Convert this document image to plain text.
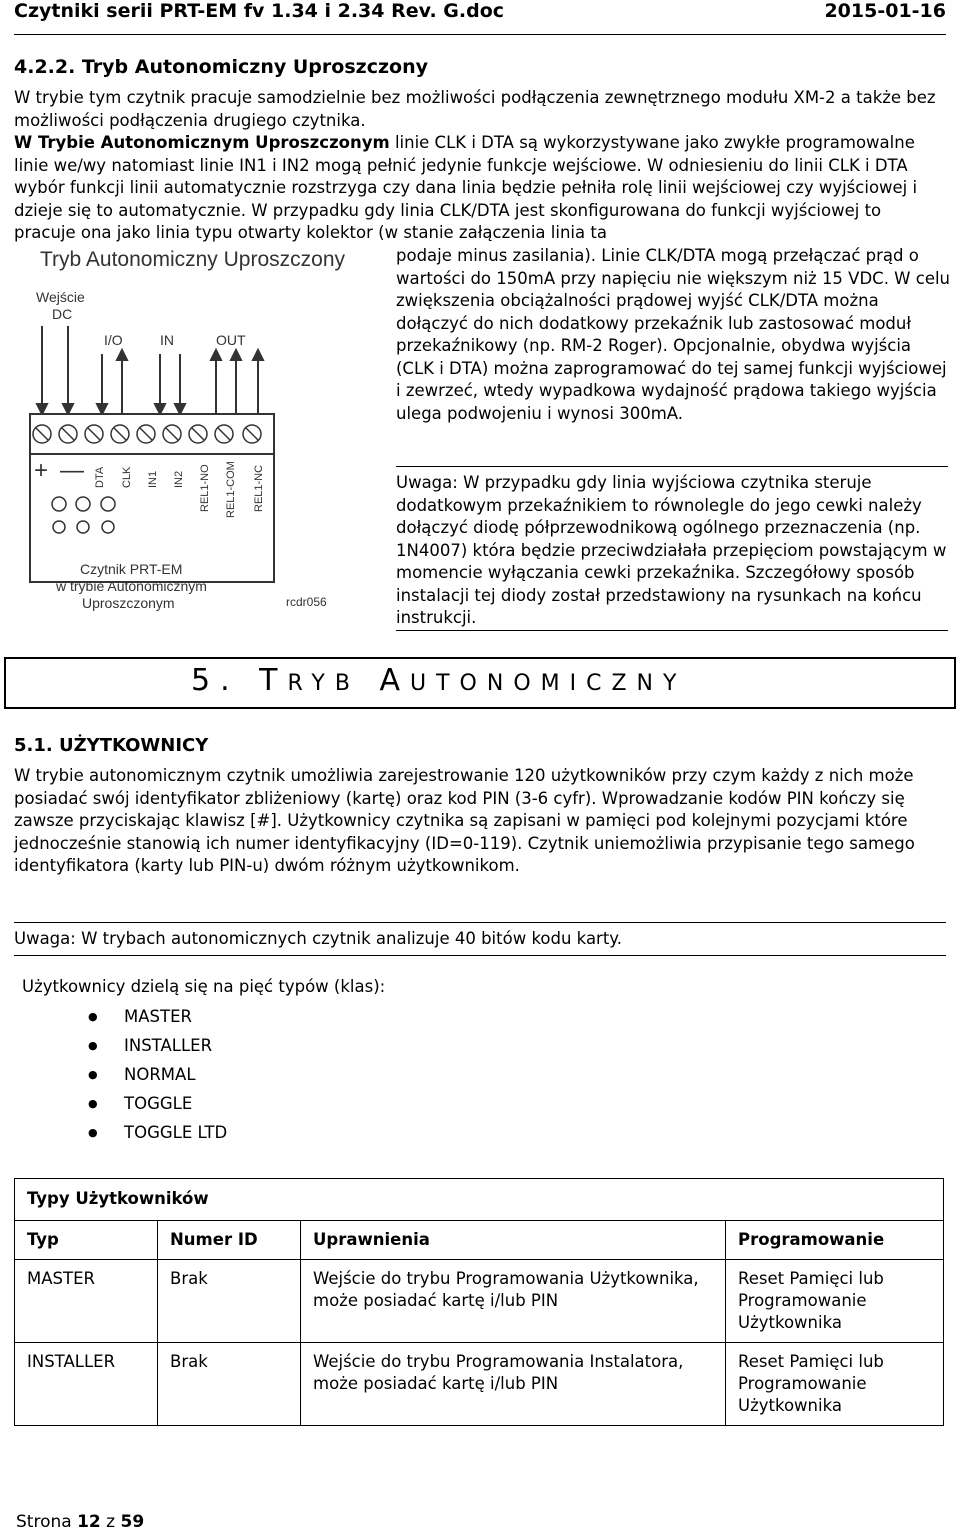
Czytniki serii PRT-EM fv 1.34 i 2.34 Rev. G.doc	2015-01-16
4.2.2. Tryb Autonomiczny Uproszczony

W trybie tym czytnik pracuje samodzielnie bez możliwości podłączenia zewnętrznego modułu XM-2 a także bez możliwości podłączenia drugiego czytnika.

W Trybie Autonomicznym Uproszczonym linie CLK i DTA są wykorzystywane jako zwykłe programowalne linie we/wy natomiast linie IN1 i IN2 mogą pełnić jedynie funkcje wejściowe. W odniesieniu do linii CLK i DTA wybór funkcji linii automatycznie rozstrzyga czy dana linia będzie pełniła rolę linii wejściowej czy wyjściowej i dzieje się to automatycznie. W przypadku gdy linia CLK/DTA jest skonfigurowana do funkcji wyjściowej to pracuje ona jako linia typu otwarty kolektor (w stanie załączenia linia ta

Tryb Autonomiczny Uproszczony
Wejście
DC
I/O	IN	OUT
+ — DTA CLK IN1 IN2 REL1-NO REL1-COM REL1-NC
Czytnik PRT-EM
w trybie Autonomicznym
Uproszczonym	rcdr056

podaje minus zasilania). Linie CLK/DTA mogą przełączać prąd o wartości do 150mA przy napięciu nie większym niż 15 VDC. W celu zwiększenia obciążalności prądowej wyjść CLK/DTA można dołączyć do nich dodatkowy przekaźnik lub zastosować moduł przekaźnikowy (np. RM-2 Roger). Opcjonalnie, obydwa wyjścia (CLK i DTA) można zaprogramować do tej samej funkcji wyjściowej i zewrzeć, wtedy wypadkowa wydajność prądowa takiego wyjścia ulega podwojeniu i wynosi 300mA.

Uwaga: W przypadku gdy linia wyjściowa czytnika steruje dodatkowym przekaźnikiem to równolegle do jego cewki należy dołączyć diodę półprzewodnikową ogólnego przeznaczenia (np. 1N4007) która będzie przeciwdziałała przepięciom powstającym w momencie wyłączania cewki przekaźnika. Szczegółowy sposób instalacji tej diody został przedstawiony na rysunkach na końcu instrukcji.

5. TRYB AUTONOMICZNY
5.1. UŻYTKOWNICY

W trybie autonomicznym czytnik umożliwia zarejestrowanie 120 użytkowników przy czym każdy z nich może posiadać swój identyfikator zbliżeniowy (kartę) oraz kod PIN (3-6 cyfr). Wprowadzanie kodów PIN kończy się zawsze przyciskając klawisz [#]. Użytkownicy czytnika są zapisani w pamięci pod kolejnymi pozycjami które jednocześnie stanowią ich numer identyfikacyjny (ID=0-119). Czytnik uniemożliwia przypisanie tego samego identyfikatora (karty lub PIN-u) dwóm różnym użytkownikom.

Uwaga: W trybach autonomicznych czytnik analizuje 40 bitów kodu karty.

Użytkownicy dzielą się na pięć typów (klas):

● MASTER
● INSTALLER
● NORMAL
● TOGGLE
● TOGGLE LTD
Typy Użytkowników			
Typ	Numer ID	Uprawnienia	Programowanie
MASTER	Brak	Wejście do trybu Programowania Użytkownika, może posiadać kartę i/lub PIN	Reset Pamięci lub Programowanie Użytkownika
INSTALLER	Brak	Wejście do trybu Programowania Instalatora, może posiadać kartę i/lub PIN	Reset Pamięci lub Programowanie Użytkownika
Strona 12 z 59
